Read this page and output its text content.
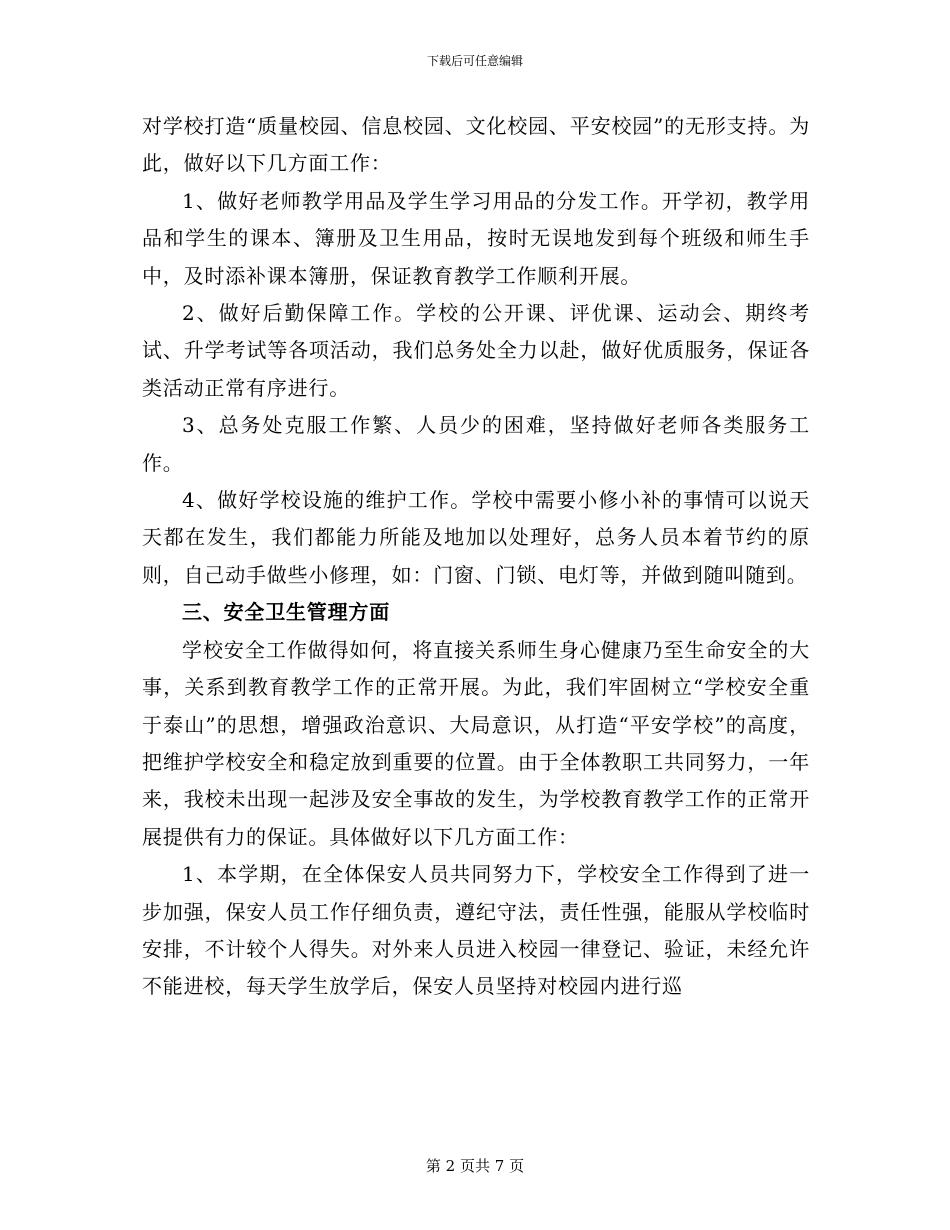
下载后可任意编辑

对学校打造“质量校园、信息校园、文化校园、平安校园”的无形支持。为此，做好以下几方面工作：

1、做好老师教学用品及学生学习用品的分发工作。开学初，教学用品和学生的课本、簿册及卫生用品，按时无误地发到每个班级和师生手中，及时添补课本簿册，保证教育教学工作顺利开展。

2、做好后勤保障工作。学校的公开课、评优课、运动会、期终考试、升学考试等各项活动，我们总务处全力以赴，做好优质服务，保证各类活动正常有序进行。

3、总务处克服工作繁、人员少的困难，坚持做好老师各类服务工作。

4、做好学校设施的维护工作。学校中需要小修小补的事情可以说天天都在发生，我们都能力所能及地加以处理好，总务人员本着节约的原则，自己动手做些小修理，如：门窗、门锁、电灯等，并做到随叫随到。

三、安全卫生管理方面

学校安全工作做得如何，将直接关系师生身心健康乃至生命安全的大事，关系到教育教学工作的正常开展。为此，我们牢固树立“学校安全重于泰山”的思想，增强政治意识、大局意识，从打造“平安学校”的高度，把维护学校安全和稳定放到重要的位置。由于全体教职工共同努力，一年来，我校未出现一起涉及安全事故的发生，为学校教育教学工作的正常开展提供有力的保证。具体做好以下几方面工作：

1、本学期，在全体保安人员共同努力下，学校安全工作得到了进一步加强，保安人员工作仔细负责，遵纪守法，责任性强，能服从学校临时安排，不计较个人得失。对外来人员进入校园一律登记、验证，未经允许不能进校，每天学生放学后，保安人员坚持对校园内进行巡

第 2 页共 7 页
